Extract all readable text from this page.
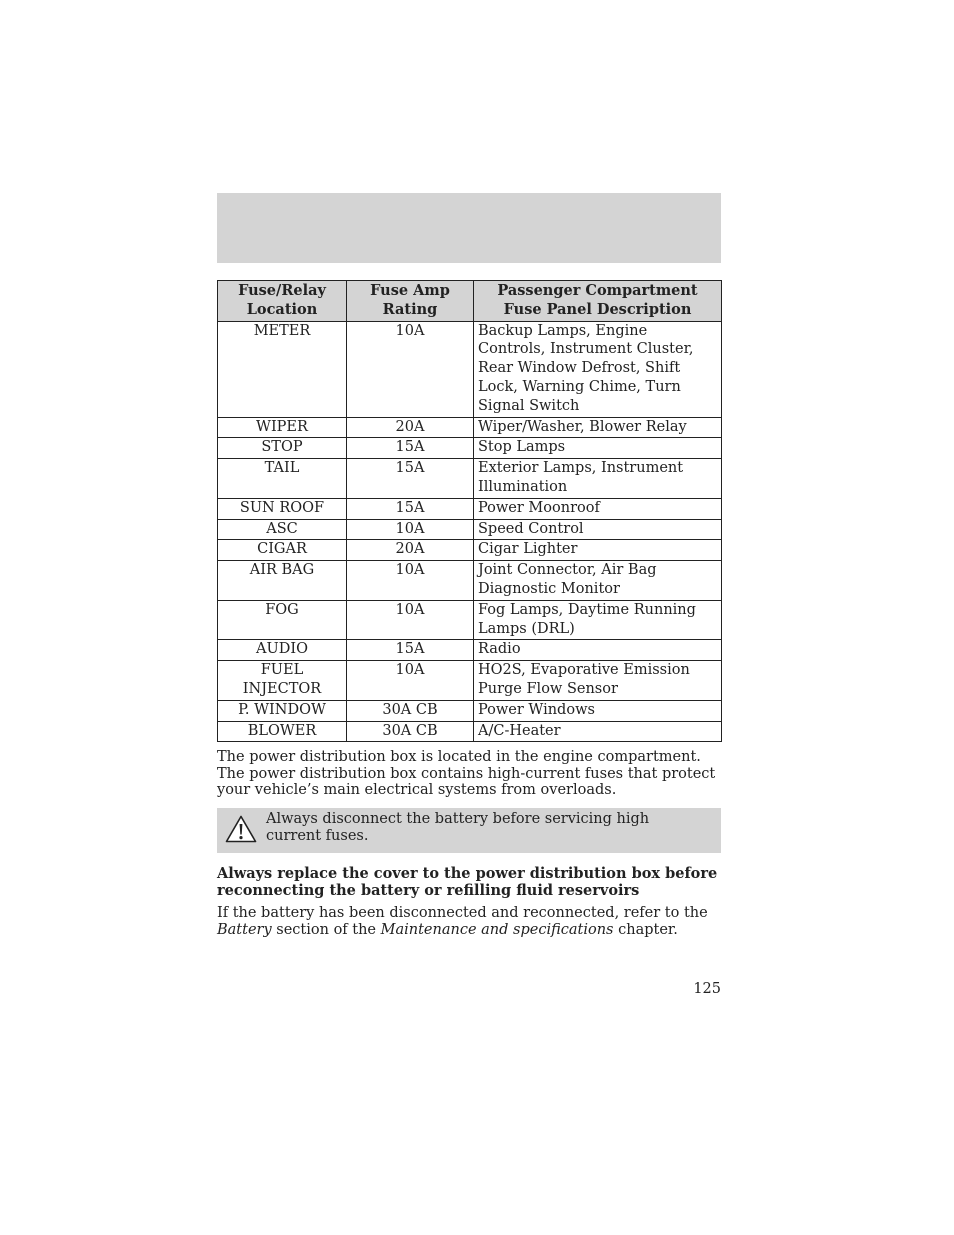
Fuse/Relay Location	Fuse Amp Rating	Passenger Compartment Fuse Panel Description
METER	10A	Backup Lamps, Engine Controls, Instrument Cluster, Rear Window Defrost, Shift Lock, Warning Chime, Turn Signal Switch
WIPER	20A	Wiper/Washer, Blower Relay
STOP	15A	Stop Lamps
TAIL	15A	Exterior Lamps, Instrument Illumination
SUN ROOF	15A	Power Moonroof
ASC	10A	Speed Control
CIGAR	20A	Cigar Lighter
AIR BAG	10A	Joint Connector, Air Bag Diagnostic Monitor
FOG	10A	Fog Lamps, Daytime Running Lamps (DRL)
AUDIO	15A	Radio
FUEL INJECTOR	10A	HO2S, Evaporative Emission Purge Flow Sensor
P. WINDOW	30A CB	Power Windows
BLOWER	30A CB	A/C-Heater

The power distribution box is located in the engine compartment. The power distribution box contains high-current fuses that protect your vehicle’s main electrical systems from overloads.

Always disconnect the battery before servicing high current fuses.

Always replace the cover to the power distribution box before reconnecting the battery or refilling fluid reservoirs

If the battery has been disconnected and reconnected, refer to the Battery section of the Maintenance and specifications chapter.

125
